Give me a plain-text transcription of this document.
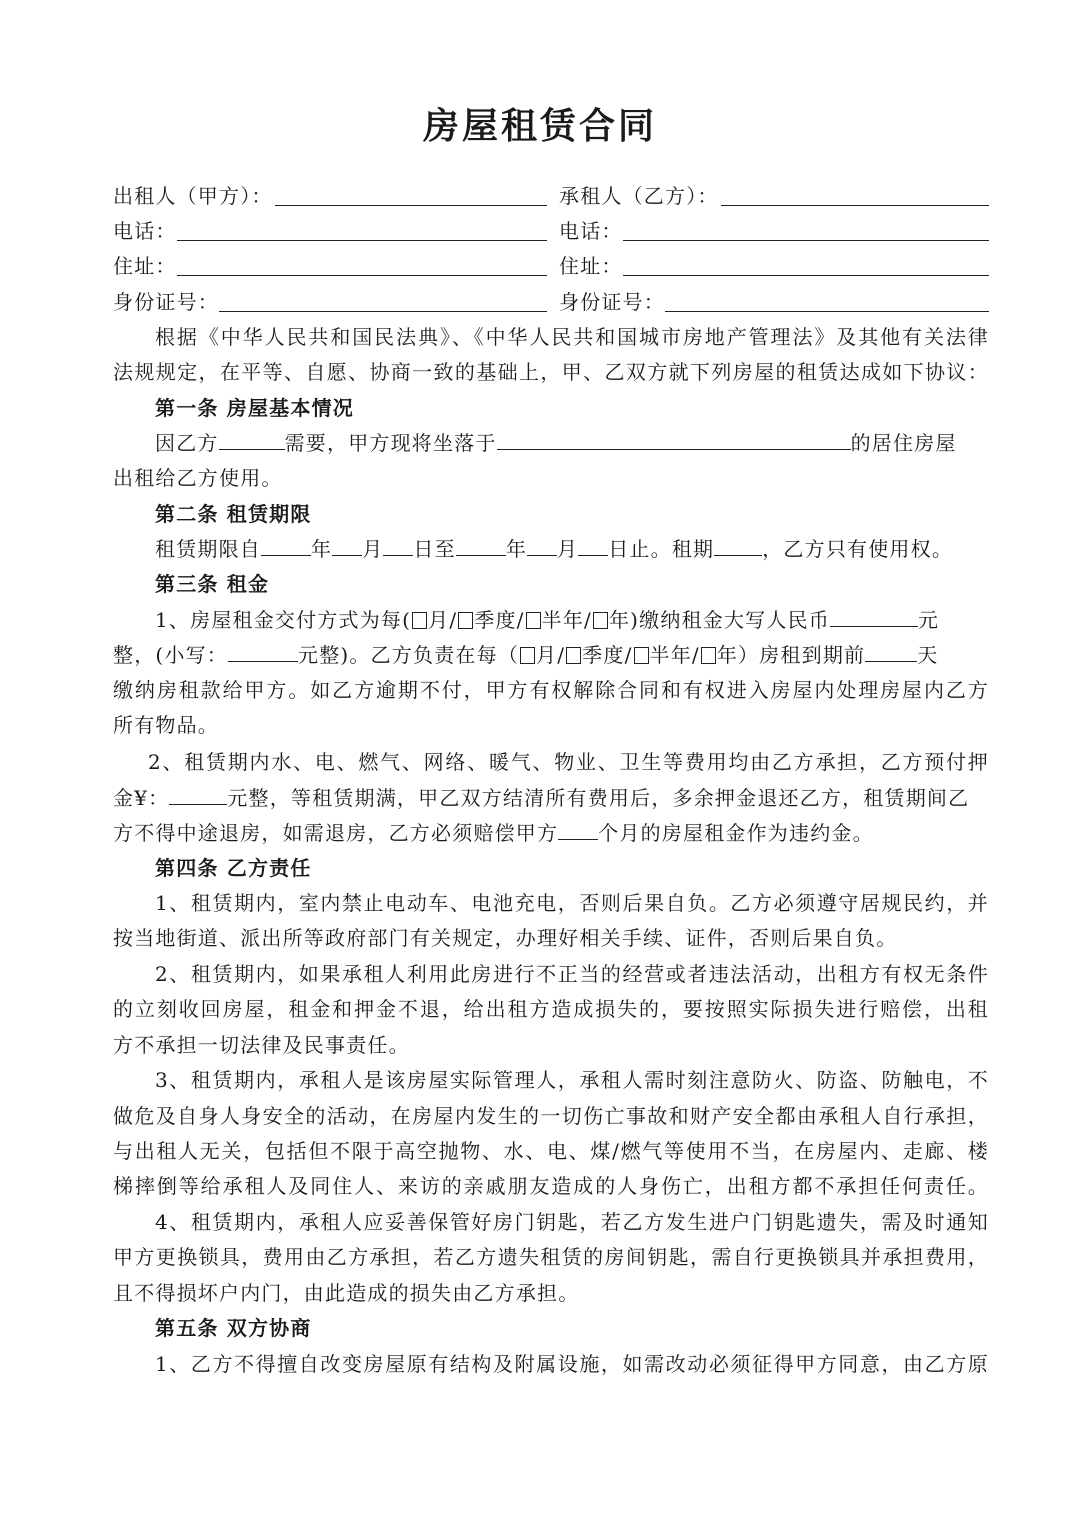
房屋租赁合同
出租人（甲方）：	承租人（乙方）：
电话：	电话：
住址：	住址：
身份证号：	身份证号：
根据《中华人民共和国民法典》、《中华人民共和国城市房地产管理法》及其他有关法律
法规规定，在平等、自愿、协商一致的基础上，甲、乙双方就下列房屋的租赁达成如下协议：
第一条 房屋基本情况
因乙方	需要，甲方现将坐落于	的居住房屋
出租给乙方使用。
第二条 租赁期限
租赁期限自	年 月 日至	年 月 日止。租期 ，乙方只有使用权。
第三条 租金
1、房屋租金交付方式为每( 月/ 季度/ 半年/ 年)缴纳租金大写人民币	元
整，(小写：	元整)。乙方负责在每（ 月/ 季度/ 半年/ 年）房租到期前	天
缴纳房租款给甲方。如乙方逾期不付，甲方有权解除合同和有权进入房屋内处理房屋内乙方
所有物品。
2、租赁期内水、电、燃气、网络、暖气、物业、卫生等费用均由乙方承担，乙方预付押
金¥：	元整，等租赁期满，甲乙双方结清所有费用后，多余押金退还乙方，租赁期间乙
方不得中途退房，如需退房，乙方必须赔偿甲方 个月的房屋租金作为违约金。
第四条 乙方责任
1、租赁期内，室内禁止电动车、电池充电，否则后果自负。乙方必须遵守居规民约，并
按当地街道、派出所等政府部门有关规定，办理好相关手续、证件，否则后果自负。
2、租赁期内，如果承租人利用此房进行不正当的经营或者违法活动，出租方有权无条件
的立刻收回房屋，租金和押金不退，给出租方造成损失的，要按照实际损失进行赔偿，出租
方不承担一切法律及民事责任。
3、租赁期内，承租人是该房屋实际管理人，承租人需时刻注意防火、防盗、防触电，不
做危及自身人身安全的活动，在房屋内发生的一切伤亡事故和财产安全都由承租人自行承担，
与出租人无关，包括但不限于高空抛物、水、电、煤/燃气等使用不当，在房屋内、走廊、楼
梯摔倒等给承租人及同住人、来访的亲戚朋友造成的人身伤亡，出租方都不承担任何责任。
4、租赁期内，承租人应妥善保管好房门钥匙，若乙方发生进户门钥匙遗失，需及时通知
甲方更换锁具，费用由乙方承担，若乙方遗失租赁的房间钥匙，需自行更换锁具并承担费用，
且不得损坏户内门，由此造成的损失由乙方承担。
第五条 双方协商
1、乙方不得擅自改变房屋原有结构及附属设施，如需改动必须征得甲方同意，由乙方原
